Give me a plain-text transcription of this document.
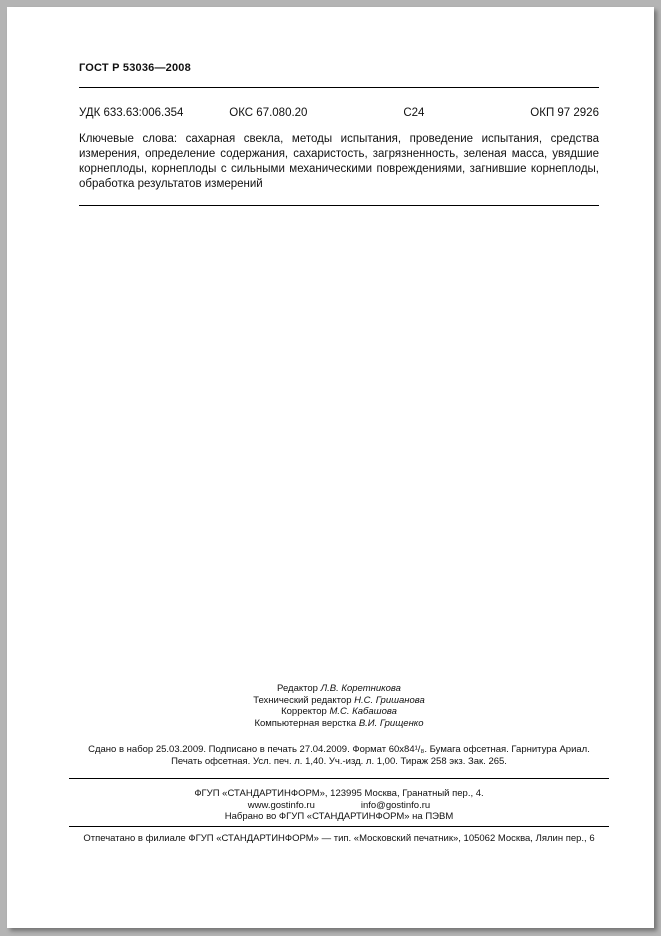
ГОСТ Р 53036—2008
УДК 633.63:006.354	ОКС 67.080.20	С24	ОКП 97 2926

Ключевые слова: сахарная свекла, методы испытания, проведение испытания, средства измерения, определение содержания, сахаристость, загрязненность, зеленая масса, увядшие корнеплоды, корнеплоды с сильными механическими повреждениями, загнившие корнеплоды, обработка результатов измерений

Редактор Л.В. Коретникова
Технический редактор Н.С. Гришанова
Корректор М.С. Кабашова
Компьютерная верстка В.И. Грищенко
Сдано в набор 25.03.2009. Подписано в печать 27.04.2009. Формат 60х84¹/₈. Бумага офсетная. Гарнитура Ариал.
Печать офсетная. Усл. печ. л. 1,40. Уч.-изд. л. 1,00. Тираж 258 экз. Зак. 265.
ФГУП «СТАНДАРТИНФОРМ», 123995 Москва, Гранатный пер., 4.
www.gostinfo.ru	info@gostinfo.ru
Набрано во ФГУП «СТАНДАРТИНФОРМ» на ПЭВМ
Отпечатано в филиале ФГУП «СТАНДАРТИНФОРМ» — тип. «Московский печатник», 105062 Москва, Лялин пер., 6
